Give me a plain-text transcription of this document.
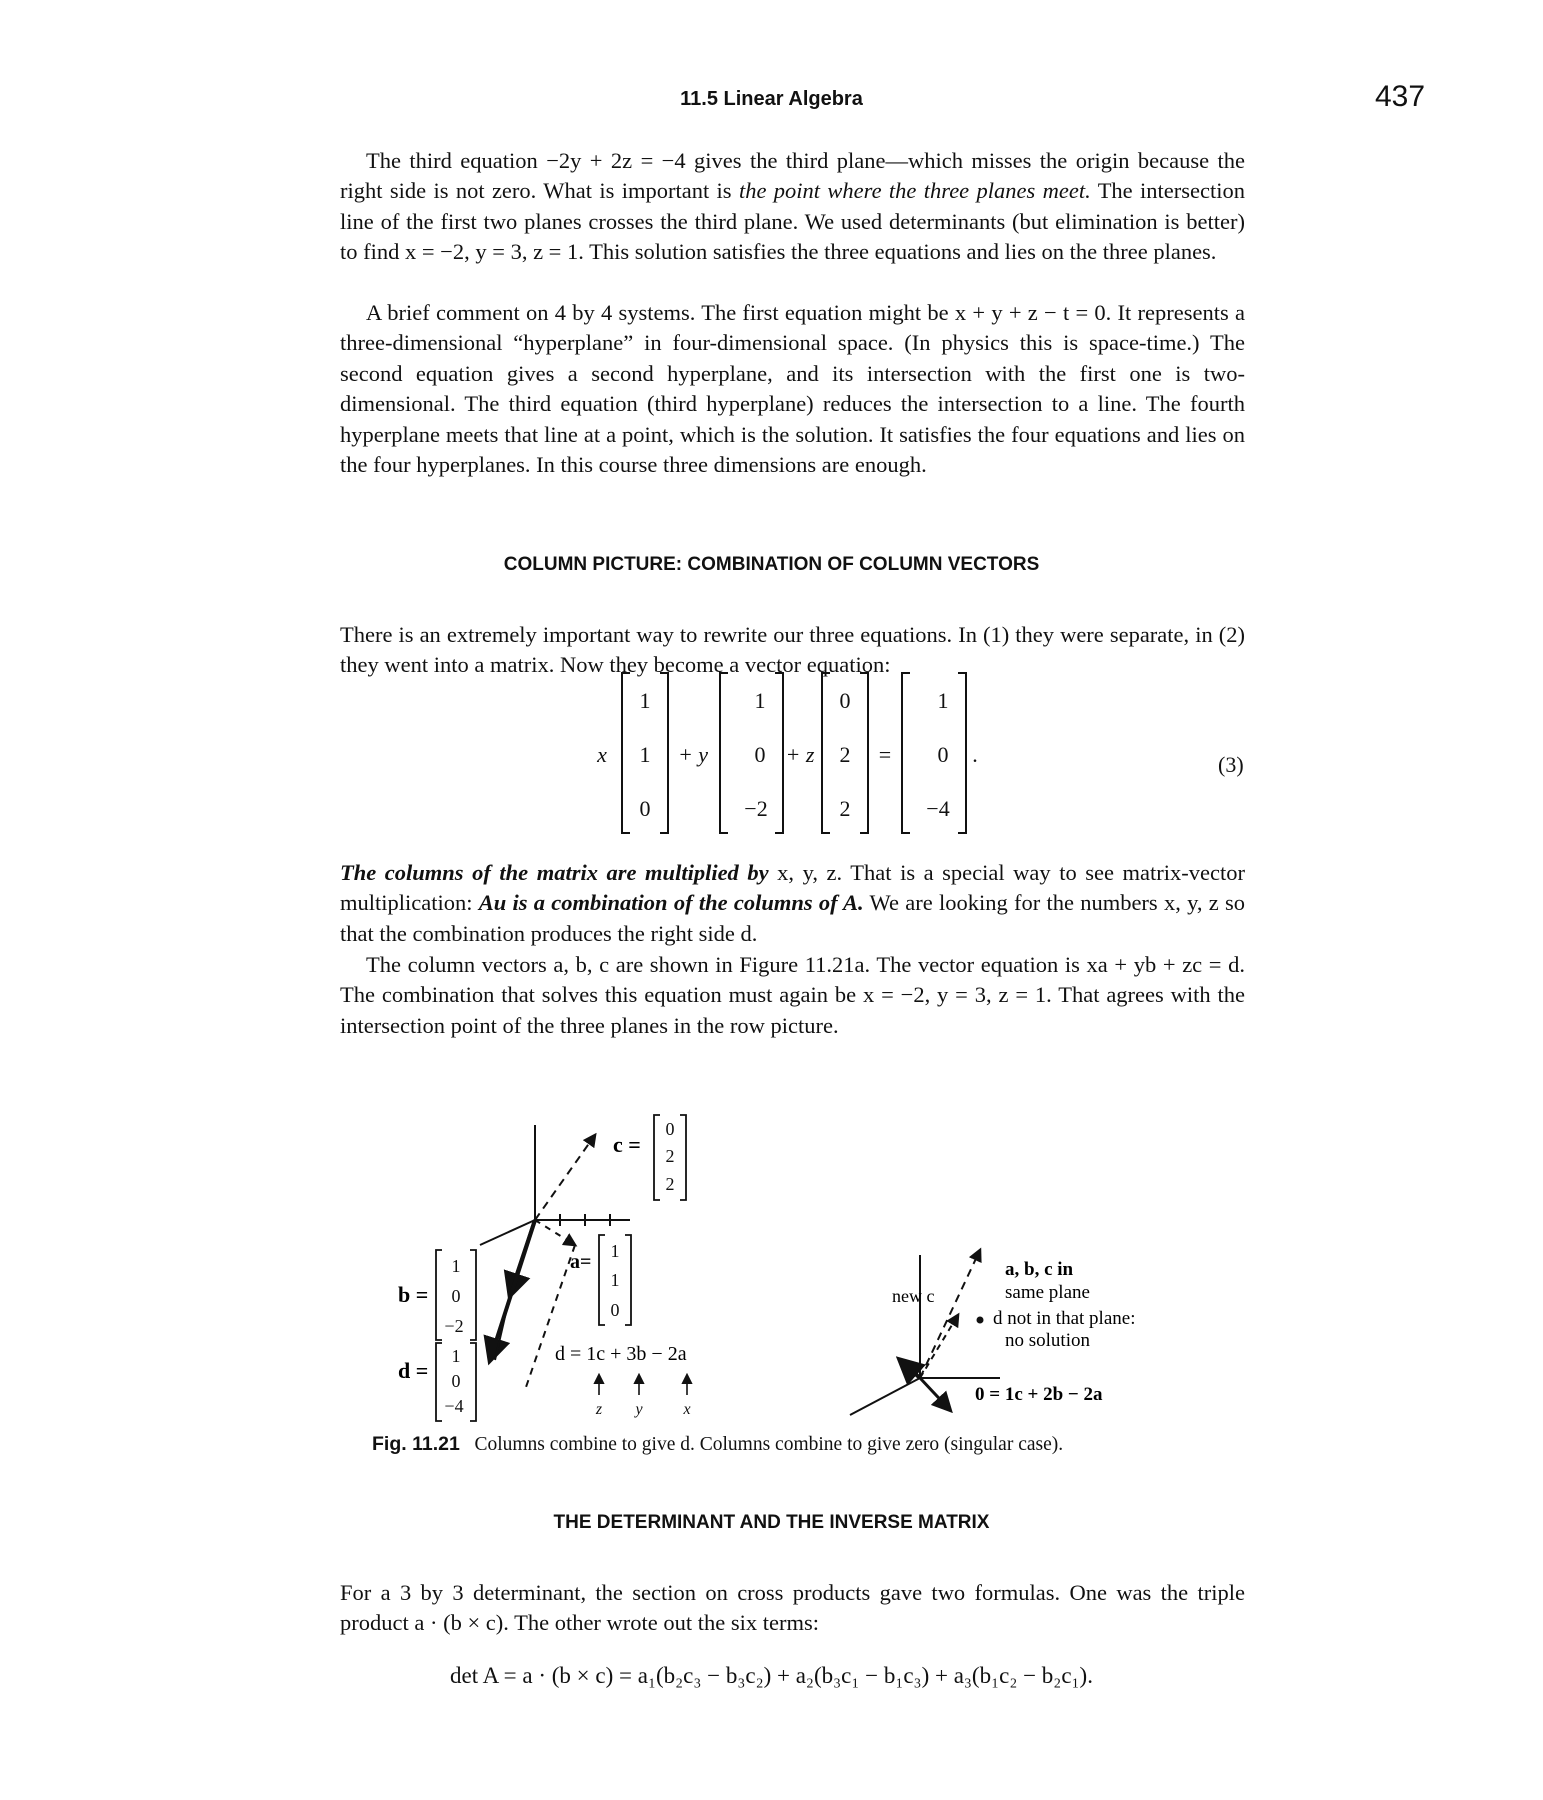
11.5 Linear Algebra	437

The third equation −2y + 2z = −4 gives the third plane—which misses the origin because the right side is not zero. What is important is the point where the three planes meet. The intersection line of the first two planes crosses the third plane. We used determinants (but elimination is better) to find x = −2, y = 3, z = 1. This solution satisfies the three equations and lies on the three planes.

A brief comment on 4 by 4 systems. The first equation might be x + y + z − t = 0. It represents a three-dimensional “hyperplane” in four-dimensional space. (In physics this is space-time.) The second equation gives a second hyperplane, and its intersection with the first one is two-dimensional. The third equation (third hyperplane) reduces the intersection to a line. The fourth hyperplane meets that line at a point, which is the solution. It satisfies the four equations and lies on the four hyperplanes. In this course three dimensions are enough.

COLUMN PICTURE: COMBINATION OF COLUMN VECTORS

There is an extremely important way to rewrite our three equations. In (1) they were separate, in (2) they went into a matrix. Now they become a vector equation:

x
1
1
0
+ y
1
0
−2
+ z
0
2
2
=
1
0
−4
.	(3)

The columns of the matrix are multiplied by x, y, z. That is a special way to see matrix-vector multiplication: Au is a combination of the columns of A. We are looking for the numbers x, y, z so that the combination produces the right side d.

The column vectors a, b, c are shown in Figure 11.21a. The vector equation is xa + yb + zc = d. The combination that solves this equation must again be x = −2, y = 3, z = 1. That agrees with the intersection point of the three planes in the row picture.

c =
0
2
2
a= 1
1
0
b =
1
0
−2
d =
1
0
−4
d = 1c + 3b − 2a
z y	x
new c
a, b, c in
same plane
d not in that plane:
no solution
0 = 1c + 2b − 2a
Fig. 11.21 Columns combine to give d. Columns combine to give zero (singular case).
THE DETERMINANT AND THE INVERSE MATRIX

For a 3 by 3 determinant, the section on cross products gave two formulas. One was the triple product a · (b × c). The other wrote out the six terms:

det A = a · (b × c) = a₁(b₂c₃ − b₃c₂) + a₂(b₃c₁ − b₁c₃) + a₃(b₁c₂ − b₂c₁).
